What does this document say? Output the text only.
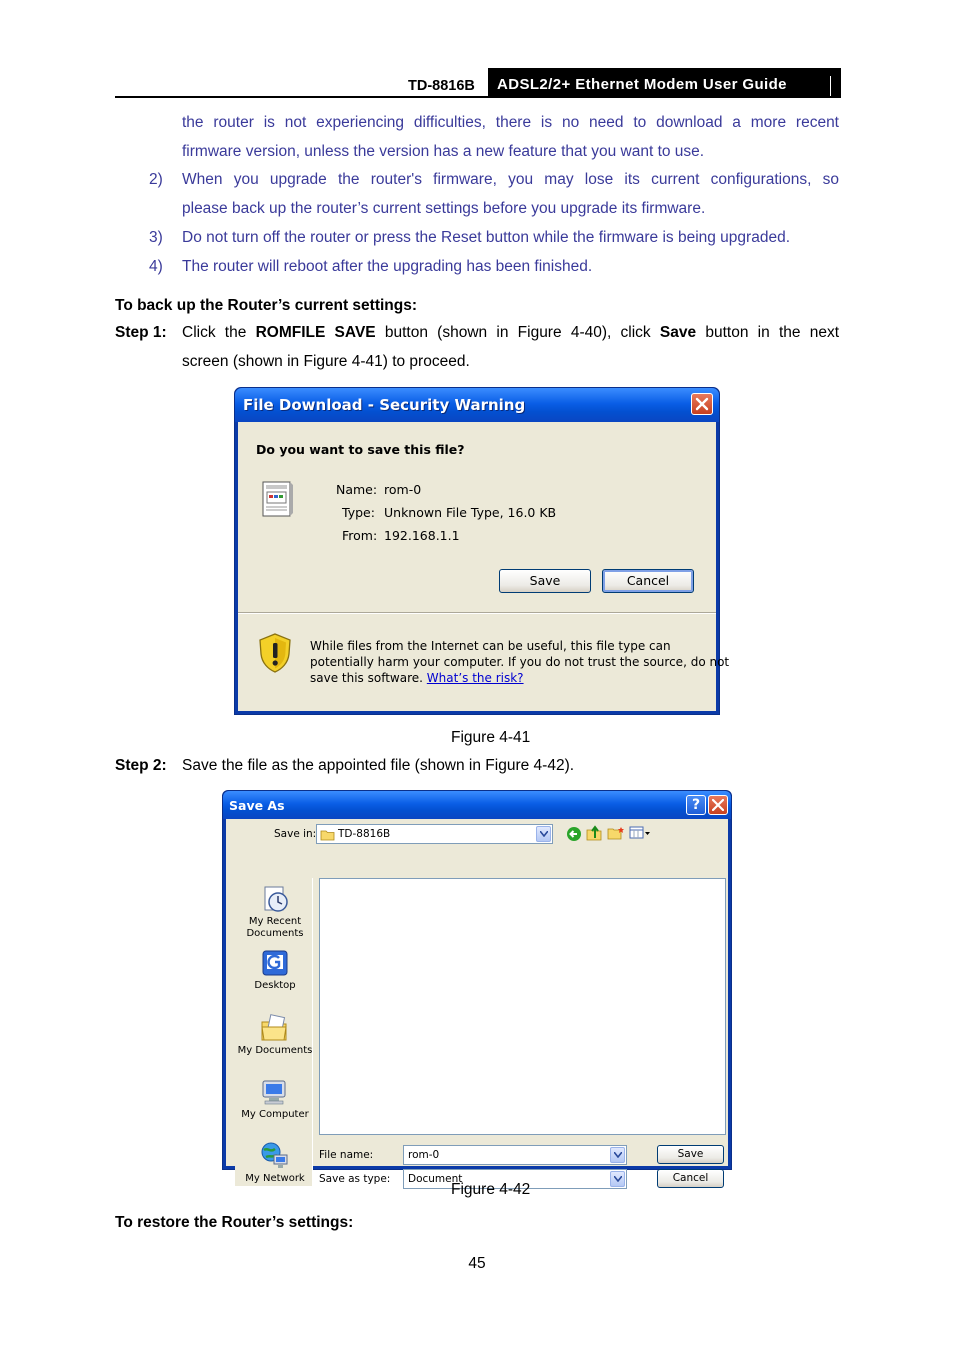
TD-8816B	ADSL2/2+ Ethernet Modem User Guide
the router is not experiencing difficulties, there is no need to download a more recent
firmware version, unless the version has a new feature that you want to use.
2) When you upgrade the router's firmware, you may lose its current configurations, so
please back up the router’s current settings before you upgrade its firmware.
3) Do not turn off the router or press the Reset button while the firmware is being upgraded.
4) The router will reboot after the upgrading has been finished.
To back up the Router’s current settings:
Step 1: Click the ROMFILE SAVE button (shown in Figure 4-40), click Save button in the next
screen (shown in Figure 4-41) to proceed.
File Download - Security Warning
Do you want to save this file?
Name: rom-0
Type: Unknown File Type, 16.0 KB
From: 192.168.1.1
Save	Cancel
While files from the Internet can be useful, this file type can
potentially harm your computer. If you do not trust the source, do not
save this software. What’s the risk?
Figure 4-41
Step 2: Save the file as the appointed file (shown in Figure 4-42).
Save As	?
Save in: TD-8816B
My Recent
Documents
Desktop
My Documents
My Computer
My Network
File name:	rom-0	Save
Save as type: Document	Cancel
Figure 4-42
To restore the Router’s settings:
45
